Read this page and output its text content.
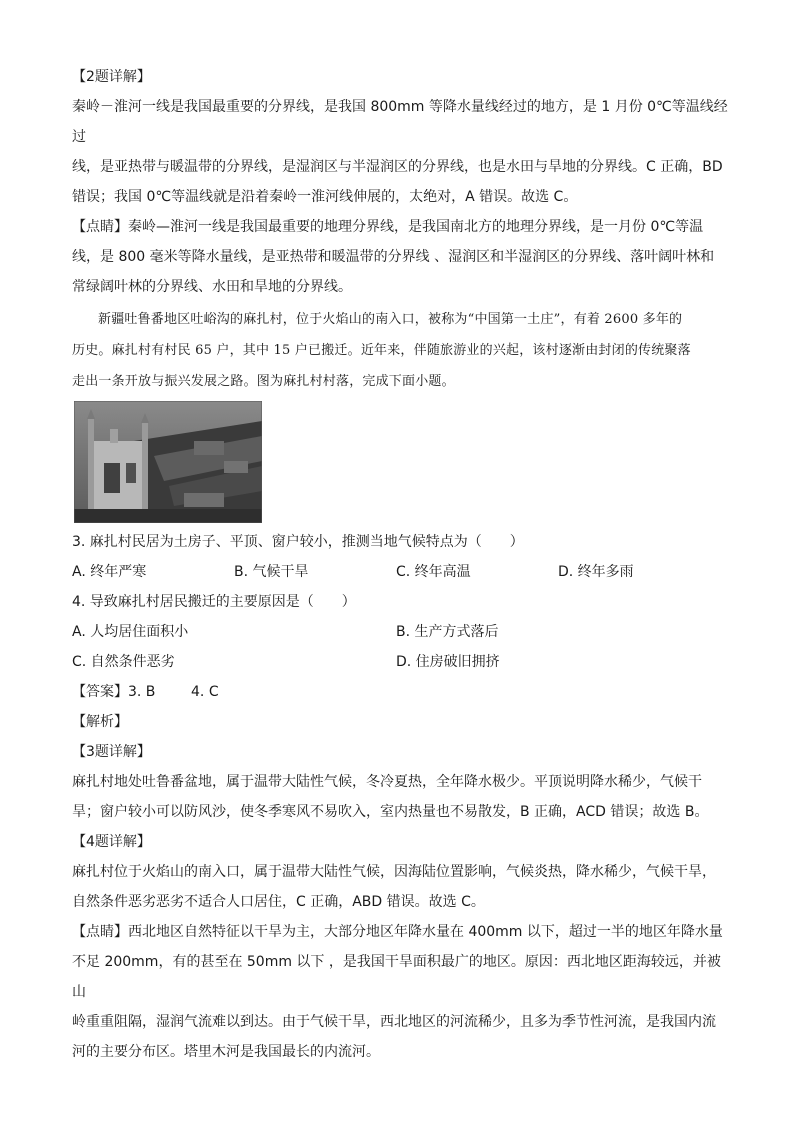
【2题详解】

秦岭－淮河一线是我国最重要的分界线，是我国 800mm 等降水量线经过的地方，是 1 月份 0℃等温线经过

线，是亚热带与暖温带的分界线，是湿润区与半湿润区的分界线，也是水田与旱地的分界线。C 正确，BD

错误；我国 0℃等温线就是沿着秦岭一淮河线伸展的，太绝对，A 错误。故选 C。

【点睛】秦岭—淮河一线是我国最重要的地理分界线，是我国南北方的地理分界线，是一月份 0℃等温

线，是 800 毫米等降水量线，是亚热带和暖温带的分界线 、湿润区和半湿润区的分界线、落叶阔叶林和

常绿阔叶林的分界线、水田和旱地的分界线。

新疆吐鲁番地区吐峪沟的麻扎村，位于火焰山的南入口，被称为“中国第一土庄”，有着 2600 多年的

历史。麻扎村有村民 65 户，其中 15 户已搬迁。近年来，伴随旅游业的兴起，该村逐渐由封闭的传统聚落

走出一条开放与振兴发展之路。图为麻扎村村落，完成下面小题。

3. 麻扎村民居为土房子、平顶、窗户较小，推测当地气候特点为（　　）

A. 终年严寒	B. 气候干旱	C. 终年高温	D. 终年多雨

4. 导致麻扎村居民搬迁的主要原因是（　　）

A. 人均居住面积小	B. 生产方式落后
C. 自然条件恶劣	D. 住房破旧拥挤

【答案】3. B        4. C

【解析】

【3题详解】

麻扎村地处吐鲁番盆地，属于温带大陆性气候，冬冷夏热，全年降水极少。平顶说明降水稀少，气候干

旱；窗户较小可以防风沙，使冬季寒风不易吹入，室内热量也不易散发，B 正确，ACD 错误；故选 B。

【4题详解】

麻扎村位于火焰山的南入口，属于温带大陆性气候，因海陆位置影响，气候炎热，降水稀少，气候干旱，

自然条件恶劣恶劣不适合人口居住，C 正确，ABD 错误。故选 C。

【点睛】西北地区自然特征以干旱为主，大部分地区年降水量在 400mm 以下，超过一半的地区年降水量

不足 200mm，有的甚至在 50mm 以下 ，是我国干旱面积最广的地区。原因：西北地区距海较远，并被山

岭重重阻隔，湿润气流难以到达。由于气候干旱，西北地区的河流稀少，且多为季节性河流，是我国内流

河的主要分布区。塔里木河是我国最长的内流河。
